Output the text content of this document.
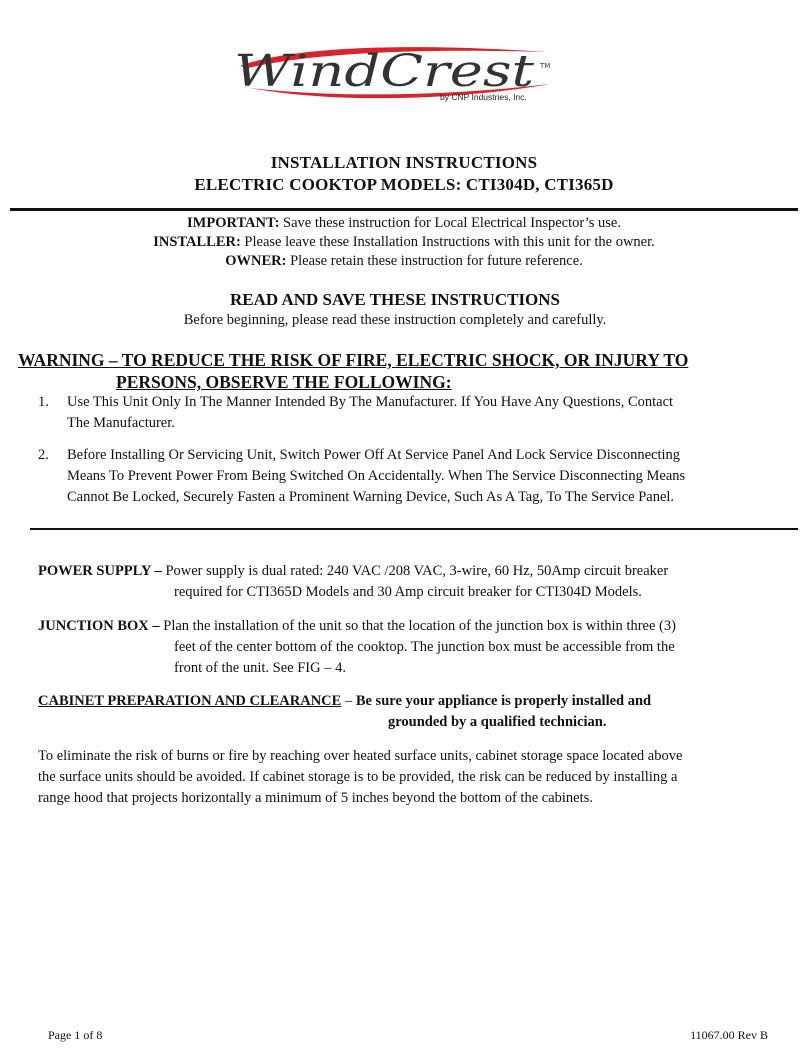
WindCrest TM
by CNP Industries, Inc.
INSTALLATION INSTRUCTIONS
ELECTRIC COOKTOP MODELS: CTI304D, CTI365D
IMPORTANT: Save these instruction for Local Electrical Inspector’s use.
INSTALLER: Please leave these Installation Instructions with this unit for the owner.
OWNER: Please retain these instruction for future reference.
READ AND SAVE THESE INSTRUCTIONS
Before beginning, please read these instruction completely and carefully.
WARNING – TO REDUCE THE RISK OF FIRE, ELECTRIC SHOCK, OR INJURY TO
PERSONS, OBSERVE THE FOLLOWING:
1.	Use This Unit Only In The Manner Intended By The Manufacturer. If You Have Any Questions, Contact
The Manufacturer.
2.	Before Installing Or Servicing Unit, Switch Power Off At Service Panel And Lock Service Disconnecting
Means To Prevent Power From Being Switched On Accidentally. When The Service Disconnecting Means
Cannot Be Locked, Securely Fasten a Prominent Warning Device, Such As A Tag, To The Service Panel.
POWER SUPPLY – Power supply is dual rated: 240 VAC /208 VAC, 3-wire, 60 Hz, 50Amp circuit breaker
required for CTI365D Models and 30 Amp circuit breaker for CTI304D Models.
JUNCTION BOX – Plan the installation of the unit so that the location of the junction box is within three (3)
feet of the center bottom of the cooktop. The junction box must be accessible from the
front of the unit. See FIG – 4.
CABINET PREPARATION AND CLEARANCE – Be sure your appliance is properly installed and
grounded by a qualified technician.
To eliminate the risk of burns or fire by reaching over heated surface units, cabinet storage space located above
the surface units should be avoided. If cabinet storage is to be provided, the risk can be reduced by installing a
range hood that projects horizontally a minimum of 5 inches beyond the bottom of the cabinets.
Page 1 of 8	11067.00 Rev B
